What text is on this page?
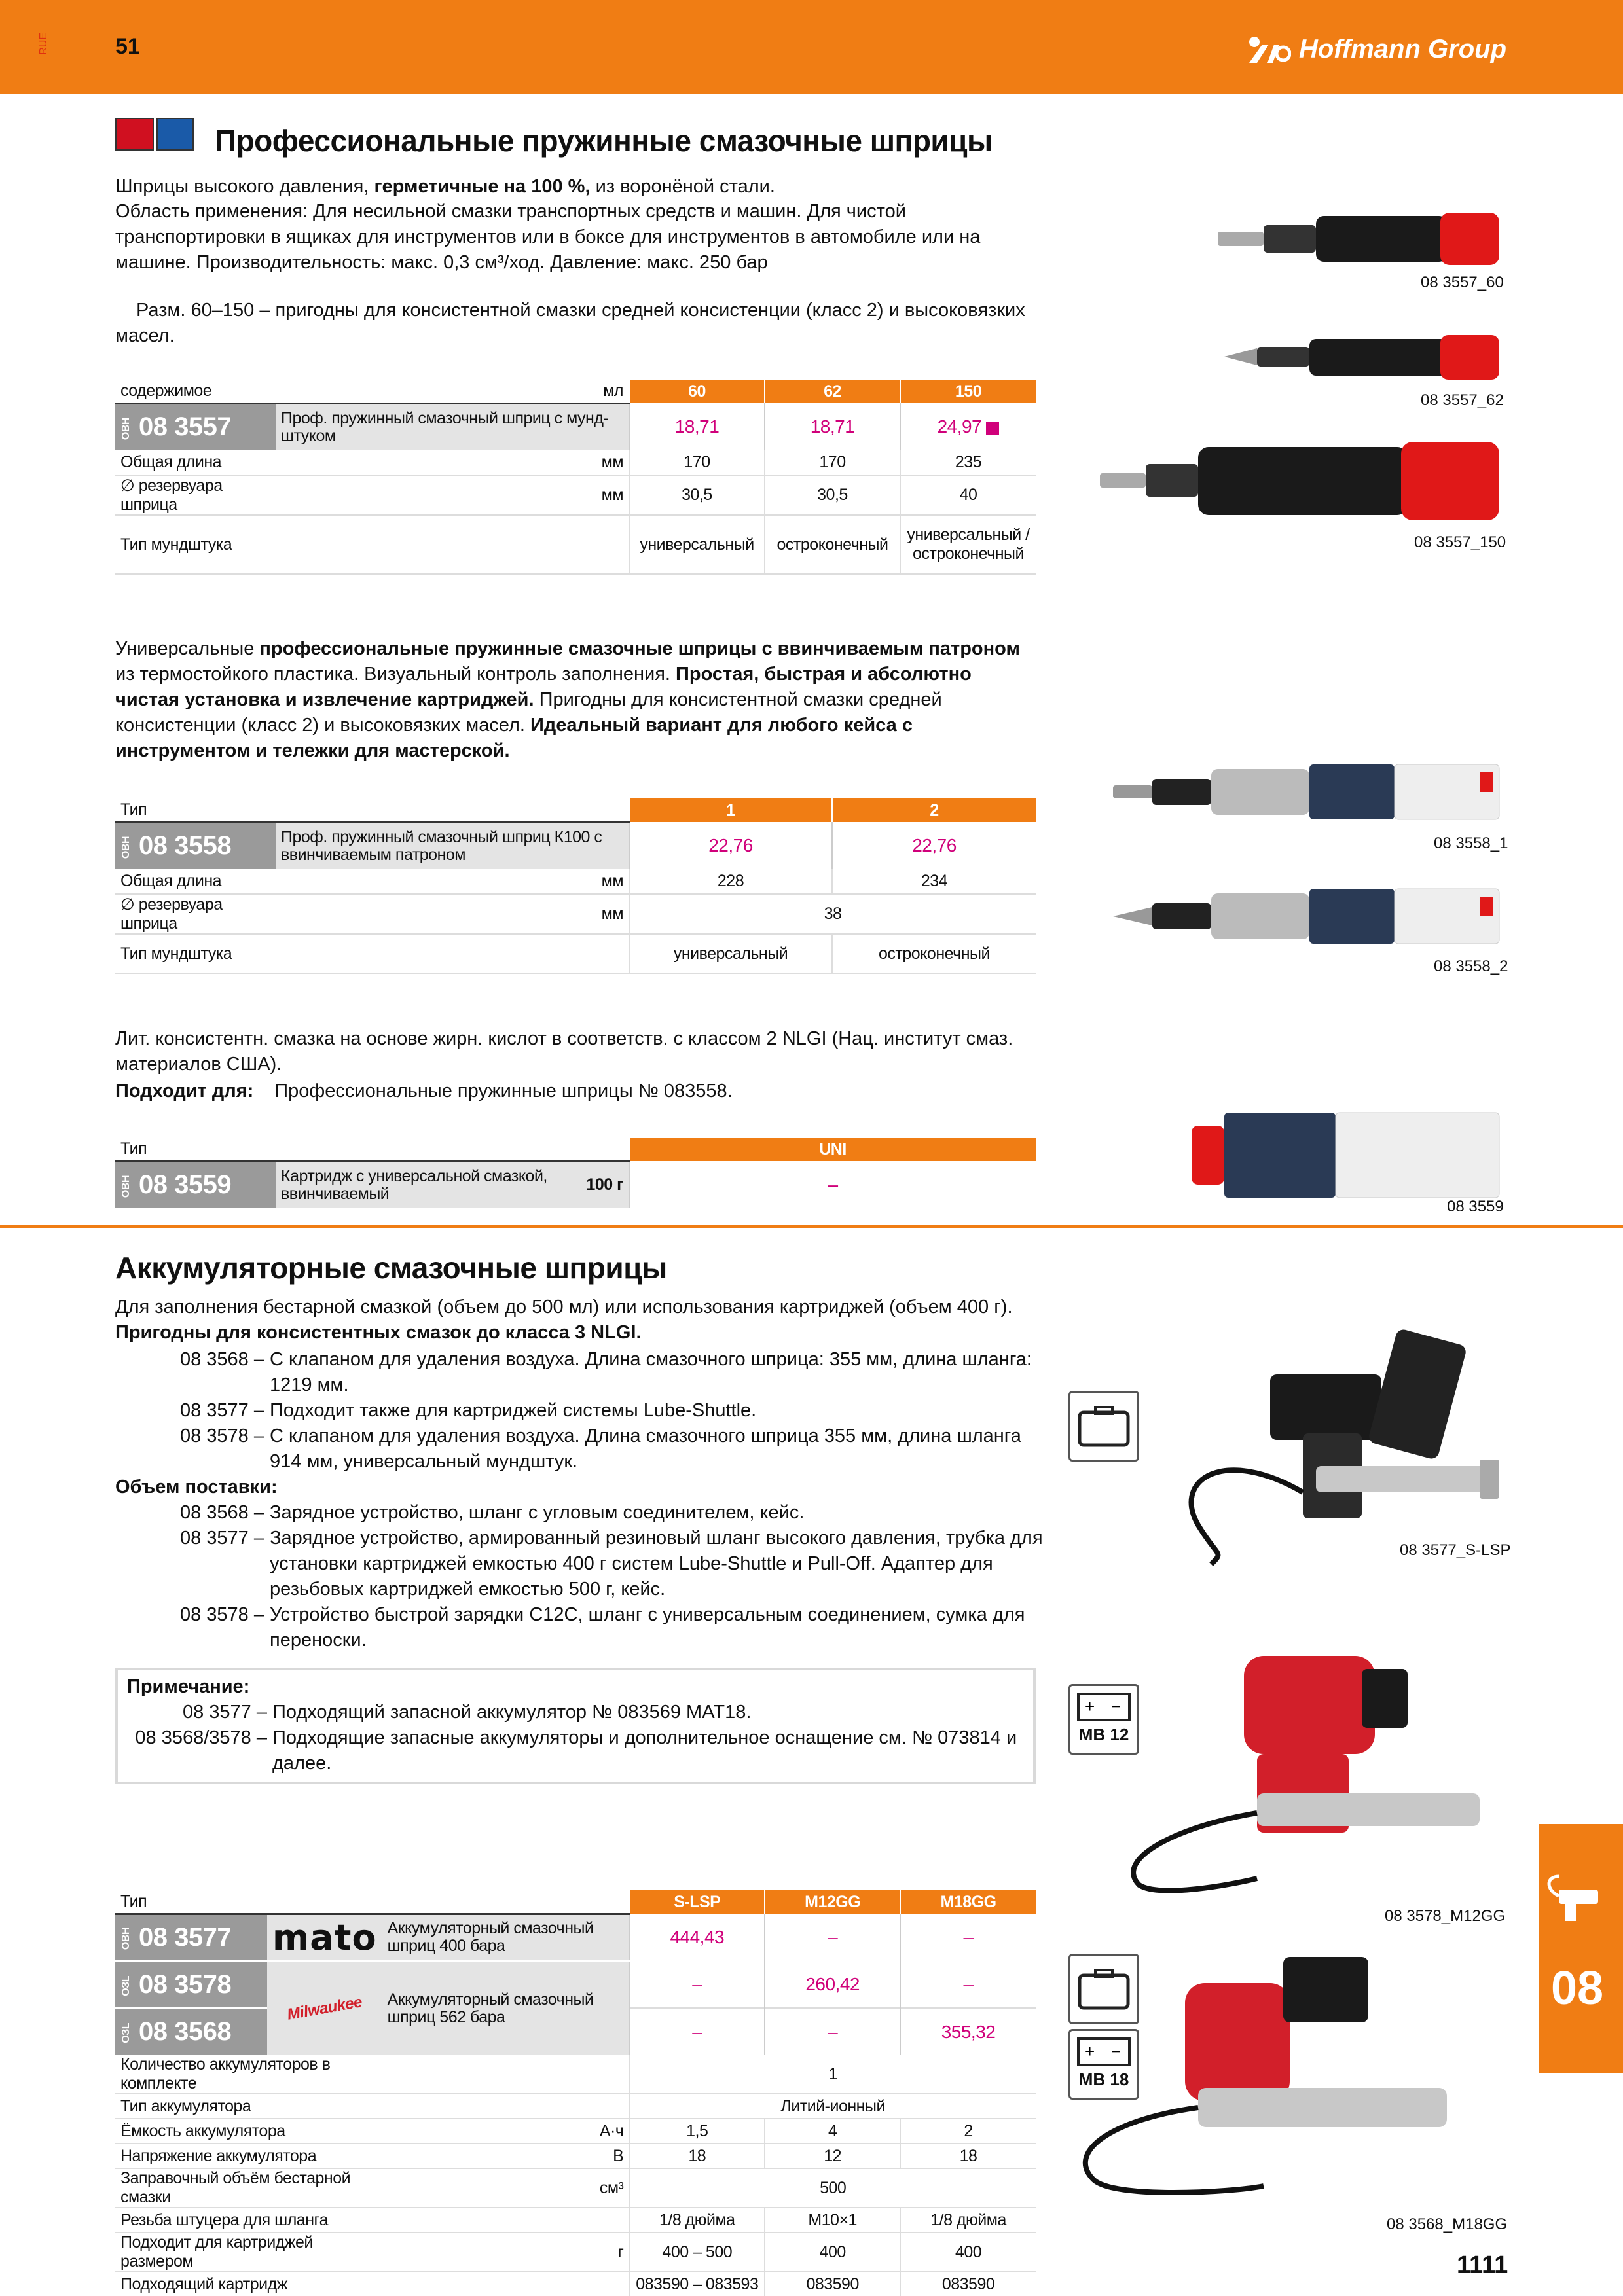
RUE	51	Hoffmann Group
Профессиональные пружинные смазочные шприцы
Шприцы высокого давления, герметичные на 100 %, из воронёной стали.
Область применения: Для несильной смазки транспортных средств и машин. Для чистой транспортировки в ящиках для инструментов или в боксе для инструментов в автомобиле или на машине. Производительность: макс. 0,3 см³/ход. Давление: макс. 250 бар
Разм. 60–150 – пригодны для консистентной смазки средней консистенции (класс 2) и высоковязких масел.
содержимое	мл	60	62	150
ОВН 08 3557	Проф. пружинный смазочный шприц с мунд-штуком	18,71	18,71	24,97
Общая длина	мм	170	170	235
∅ резервуара шприца	мм	30,5	30,5	40
Тип мундштука		универсальный	остроконечный	универсальный / остроконечный
08 3557_60
08 3557_62
08 3557_150
Универсальные профессиональные пружинные смазочные шприцы с ввинчиваемым патроном из термостойкого пластика. Визуальный контроль заполнения. Простая, быстрая и абсолютно чистая установка и извлечение картриджей. Пригодны для консистентной смазки средней консистенции (класс 2) и высоковязких масел. Идеальный вариант для любого кейса с инструментом и тележки для мастерской.
Тип		1	2
ОВН 08 3558	Проф. пружинный смазочный шприц К100 с ввинчиваемым патроном	22,76	22,76
Общая длина	мм	228	234
∅ резервуара шприца	мм	38	
Тип мундштука		универсальный	остроконечный
08 3558_1
08 3558_2
Лит. консистентн. смазка на основе жирн. кислот в соответств. с классом 2 NLGI (Нац. институт смаз. материалов США).
Подходит для: Профессиональные пружинные шприцы № 083558.
Тип		UNI
ОВН 08 3559	Картридж с универсальной смазкой, ввинчиваемый 100 г	–
08 3559
Аккумуляторные смазочные шприцы
Для заполнения бестарной смазкой (объем до 500 мл) или использования картриджей (объем 400 г).
Пригодны для консистентных смазок до класса 3 NLGI.
08 3568 – С клапаном для удаления воздуха. Длина смазочного шприца: 355 мм, длина шланга: 1219 мм.
08 3577 – Подходит также для картриджей системы Lube-Shuttle.
08 3578 – С клапаном для удаления воздуха. Длина смазочного шприца 355 мм, длина шланга 914 мм, универсальный мундштук.
Объем поставки:
08 3568 – Зарядное устройство, шланг с угловым соединителем, кейс.
08 3577 – Зарядное устройство, армированный резиновый шланг высокого давления, трубка для установки картриджей емкостью 400 г систем Lube-Shuttle и Pull-Off. Адаптер для резьбовых картриджей емкостью 500 г, кейс.
08 3578 – Устройство быстрой зарядки C12C, шланг с универсальным соединением, сумка для переноски.
Примечание:
08 3577 – Подходящий запасной аккумулятор № 083569 MAT18.
08 3568/3578 – Подходящие запасные аккумуляторы и дополнительное оснащение см. № 073814 и далее.
+ −
MB 12
+ −
MB 18
08 3577_S-LSP
08 3578_M12GG
08 3568_M18GG
Тип			S-LSP	M12GG	M18GG
ОВН 08 3577	mato	Аккумуляторный смазочный шприц 400 бара	444,43	–	–
ОЗL 08 3578	Milwaukee	Аккумуляторный смазочный шприц 562 бара	–	260,42	–
ОЗL 08 3568			–	–	355,32
Количество аккумуляторов в комплекте			1		
Тип аккумулятора			Литий-ионный		
Ёмкость аккумулятора		А·ч	1,5	4	2
Напряжение аккумулятора		В	18	12	18
Заправочный объём бестарной смазки		см³	500		
Резьба штуцера для шланга			1/8 дюйма	М10×1	1/8 дюйма
Подходит для картриджей размером		г	400 – 500	400	400
Подходящий картридж			083590 – 083593	083590	083590
08
1111
